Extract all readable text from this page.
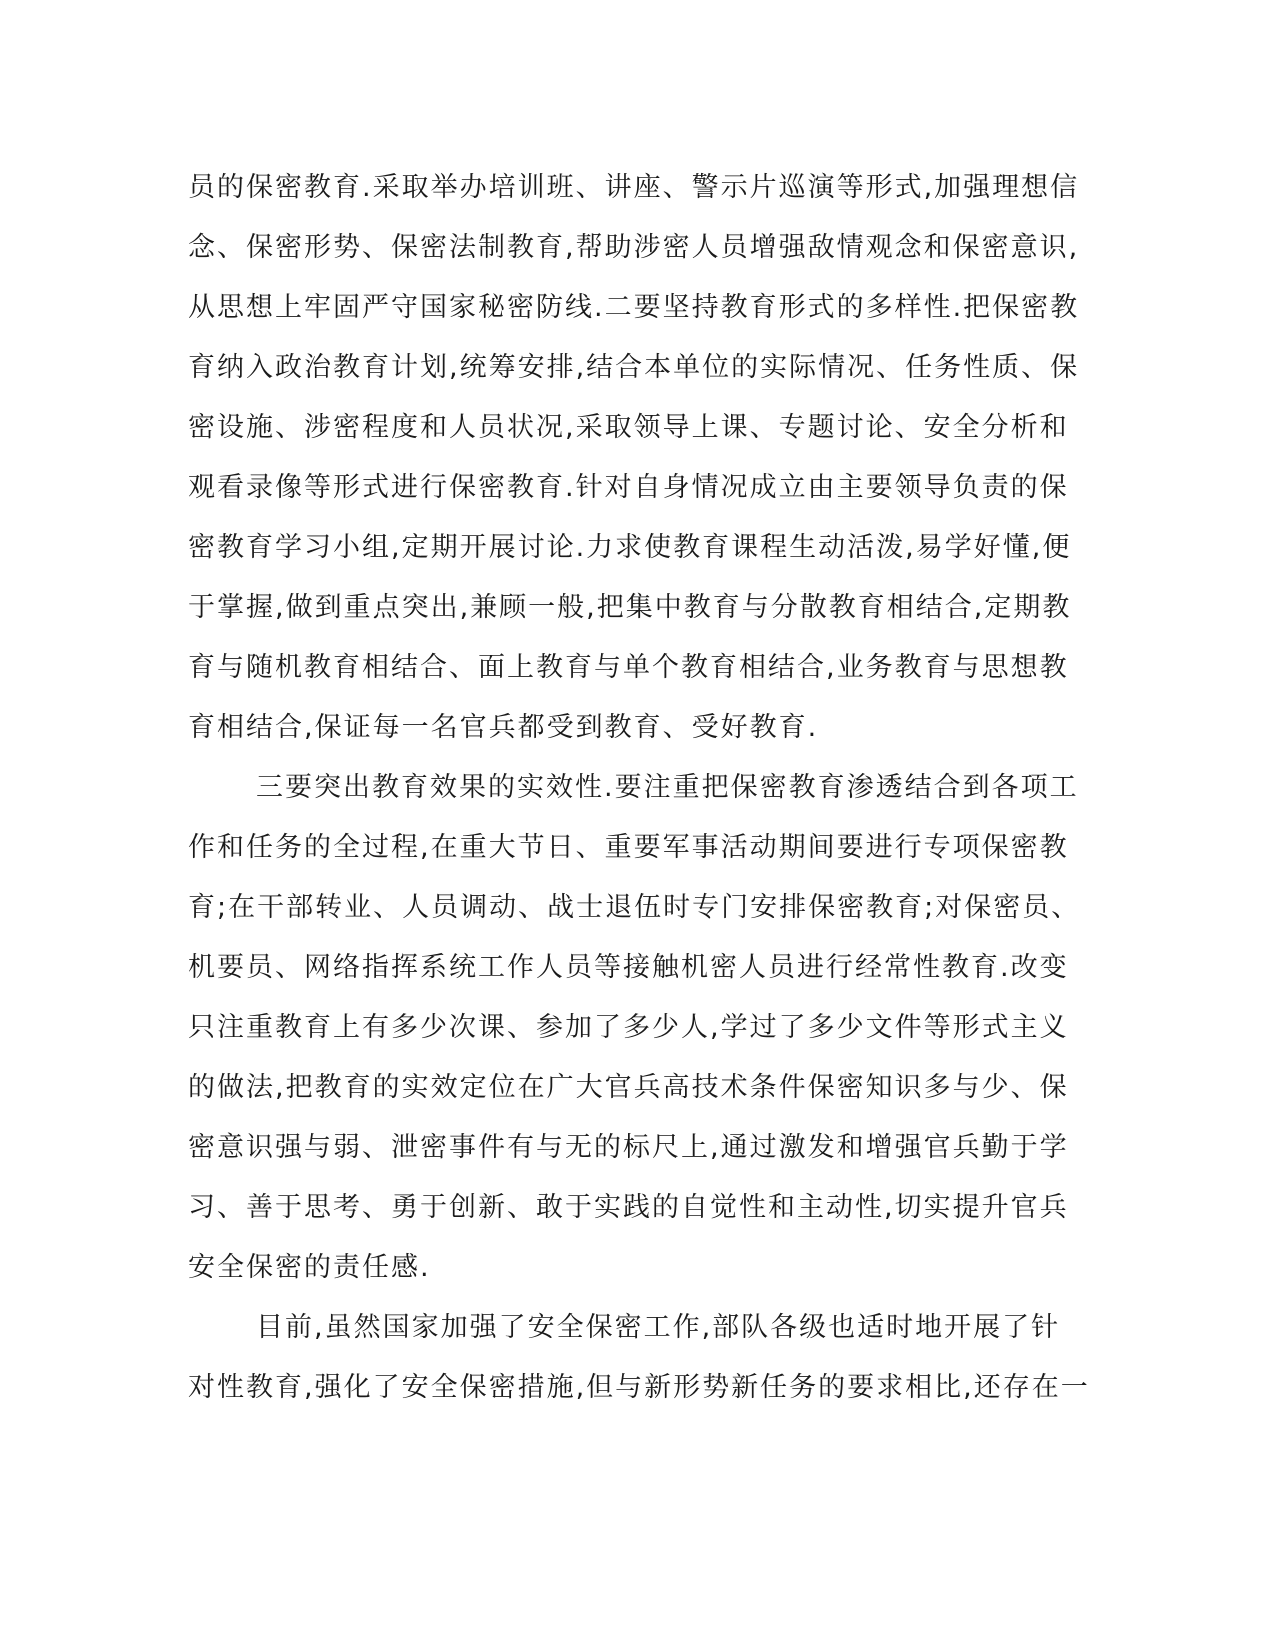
员的保密教育.采取举办培训班、讲座、警示片巡演等形式,加强理想信
念、保密形势、保密法制教育,帮助涉密人员增强敌情观念和保密意识,
从思想上牢固严守国家秘密防线.二要坚持教育形式的多样性.把保密教
育纳入政治教育计划,统筹安排,结合本单位的实际情况、任务性质、保
密设施、涉密程度和人员状况,采取领导上课、专题讨论、安全分析和
观看录像等形式进行保密教育.针对自身情况成立由主要领导负责的保
密教育学习小组,定期开展讨论.力求使教育课程生动活泼,易学好懂,便
于掌握,做到重点突出,兼顾一般,把集中教育与分散教育相结合,定期教
育与随机教育相结合、面上教育与单个教育相结合,业务教育与思想教
育相结合,保证每一名官兵都受到教育、受好教育.
三要突出教育效果的实效性.要注重把保密教育渗透结合到各项工
作和任务的全过程,在重大节日、重要军事活动期间要进行专项保密教
育;在干部转业、人员调动、战士退伍时专门安排保密教育;对保密员、
机要员、网络指挥系统工作人员等接触机密人员进行经常性教育.改变
只注重教育上有多少次课、参加了多少人,学过了多少文件等形式主义
的做法,把教育的实效定位在广大官兵高技术条件保密知识多与少、保
密意识强与弱、泄密事件有与无的标尺上,通过激发和增强官兵勤于学
习、善于思考、勇于创新、敢于实践的自觉性和主动性,切实提升官兵
安全保密的责任感.
目前,虽然国家加强了安全保密工作,部队各级也适时地开展了针
对性教育,强化了安全保密措施,但与新形势新任务的要求相比,还存在一
